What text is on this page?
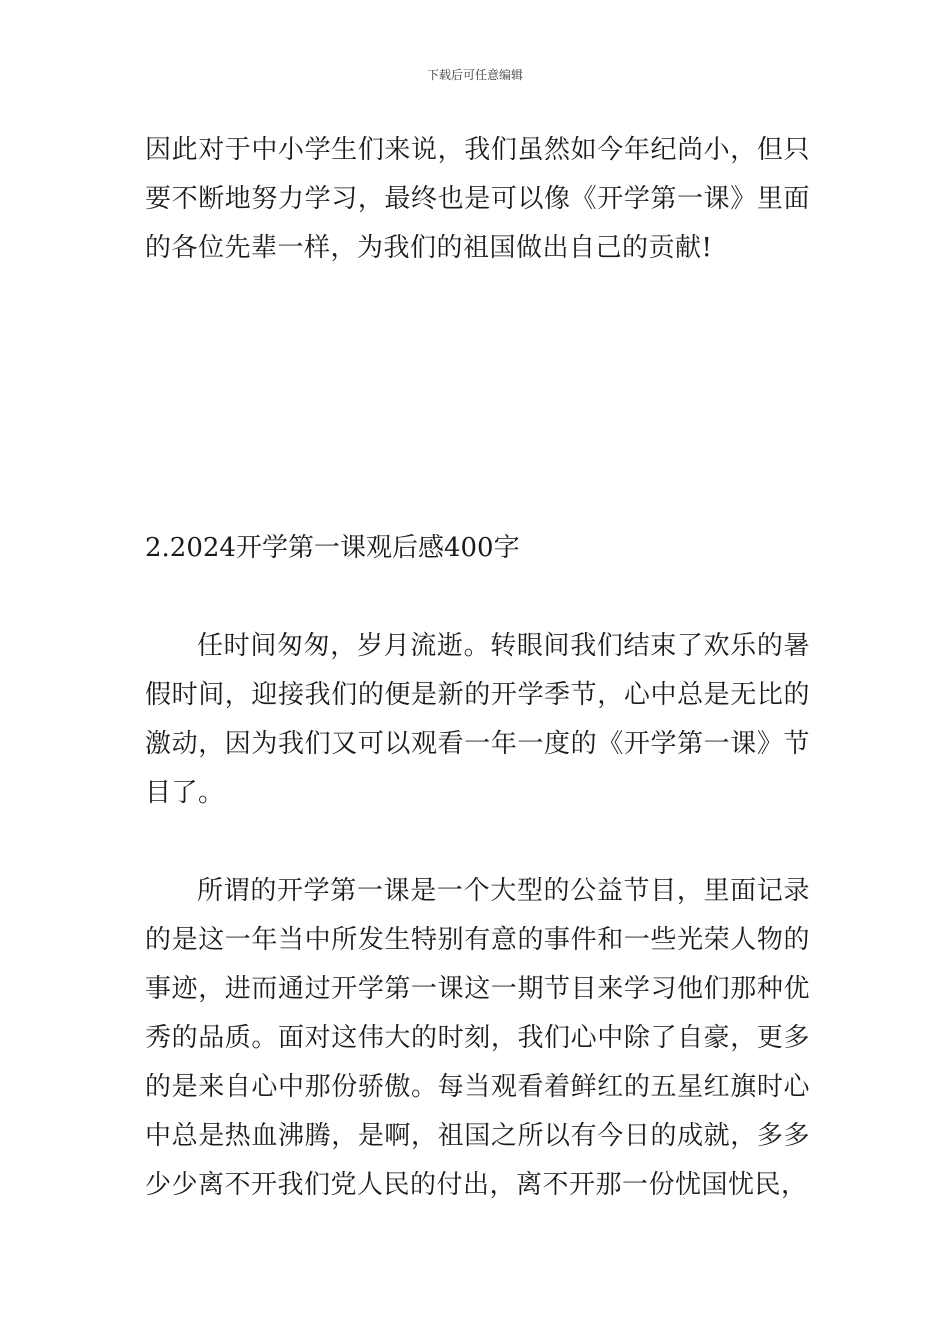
下载后可任意编辑

因此对于中小学生们来说，我们虽然如今年纪尚小，但只要不断地努力学习，最终也是可以像《开学第一课》里面的各位先辈一样，为我们的祖国做出自己的贡献!

2.2024开学第一课观后感400字

任时间匆匆，岁月流逝。转眼间我们结束了欢乐的暑假时间，迎接我们的便是新的开学季节，心中总是无比的激动，因为我们又可以观看一年一度的《开学第一课》节目了。

所谓的开学第一课是一个大型的公益节目，里面记录的是这一年当中所发生特别有意的事件和一些光荣人物的事迹，进而通过开学第一课这一期节目来学习他们那种优秀的品质。面对这伟大的时刻，我们心中除了自豪，更多的是来自心中那份骄傲。每当观看着鲜红的五星红旗时心中总是热血沸腾，是啊，祖国之所以有今日的成就，多多少少离不开我们党人民的付出，离不开那一份忧国忧民，
